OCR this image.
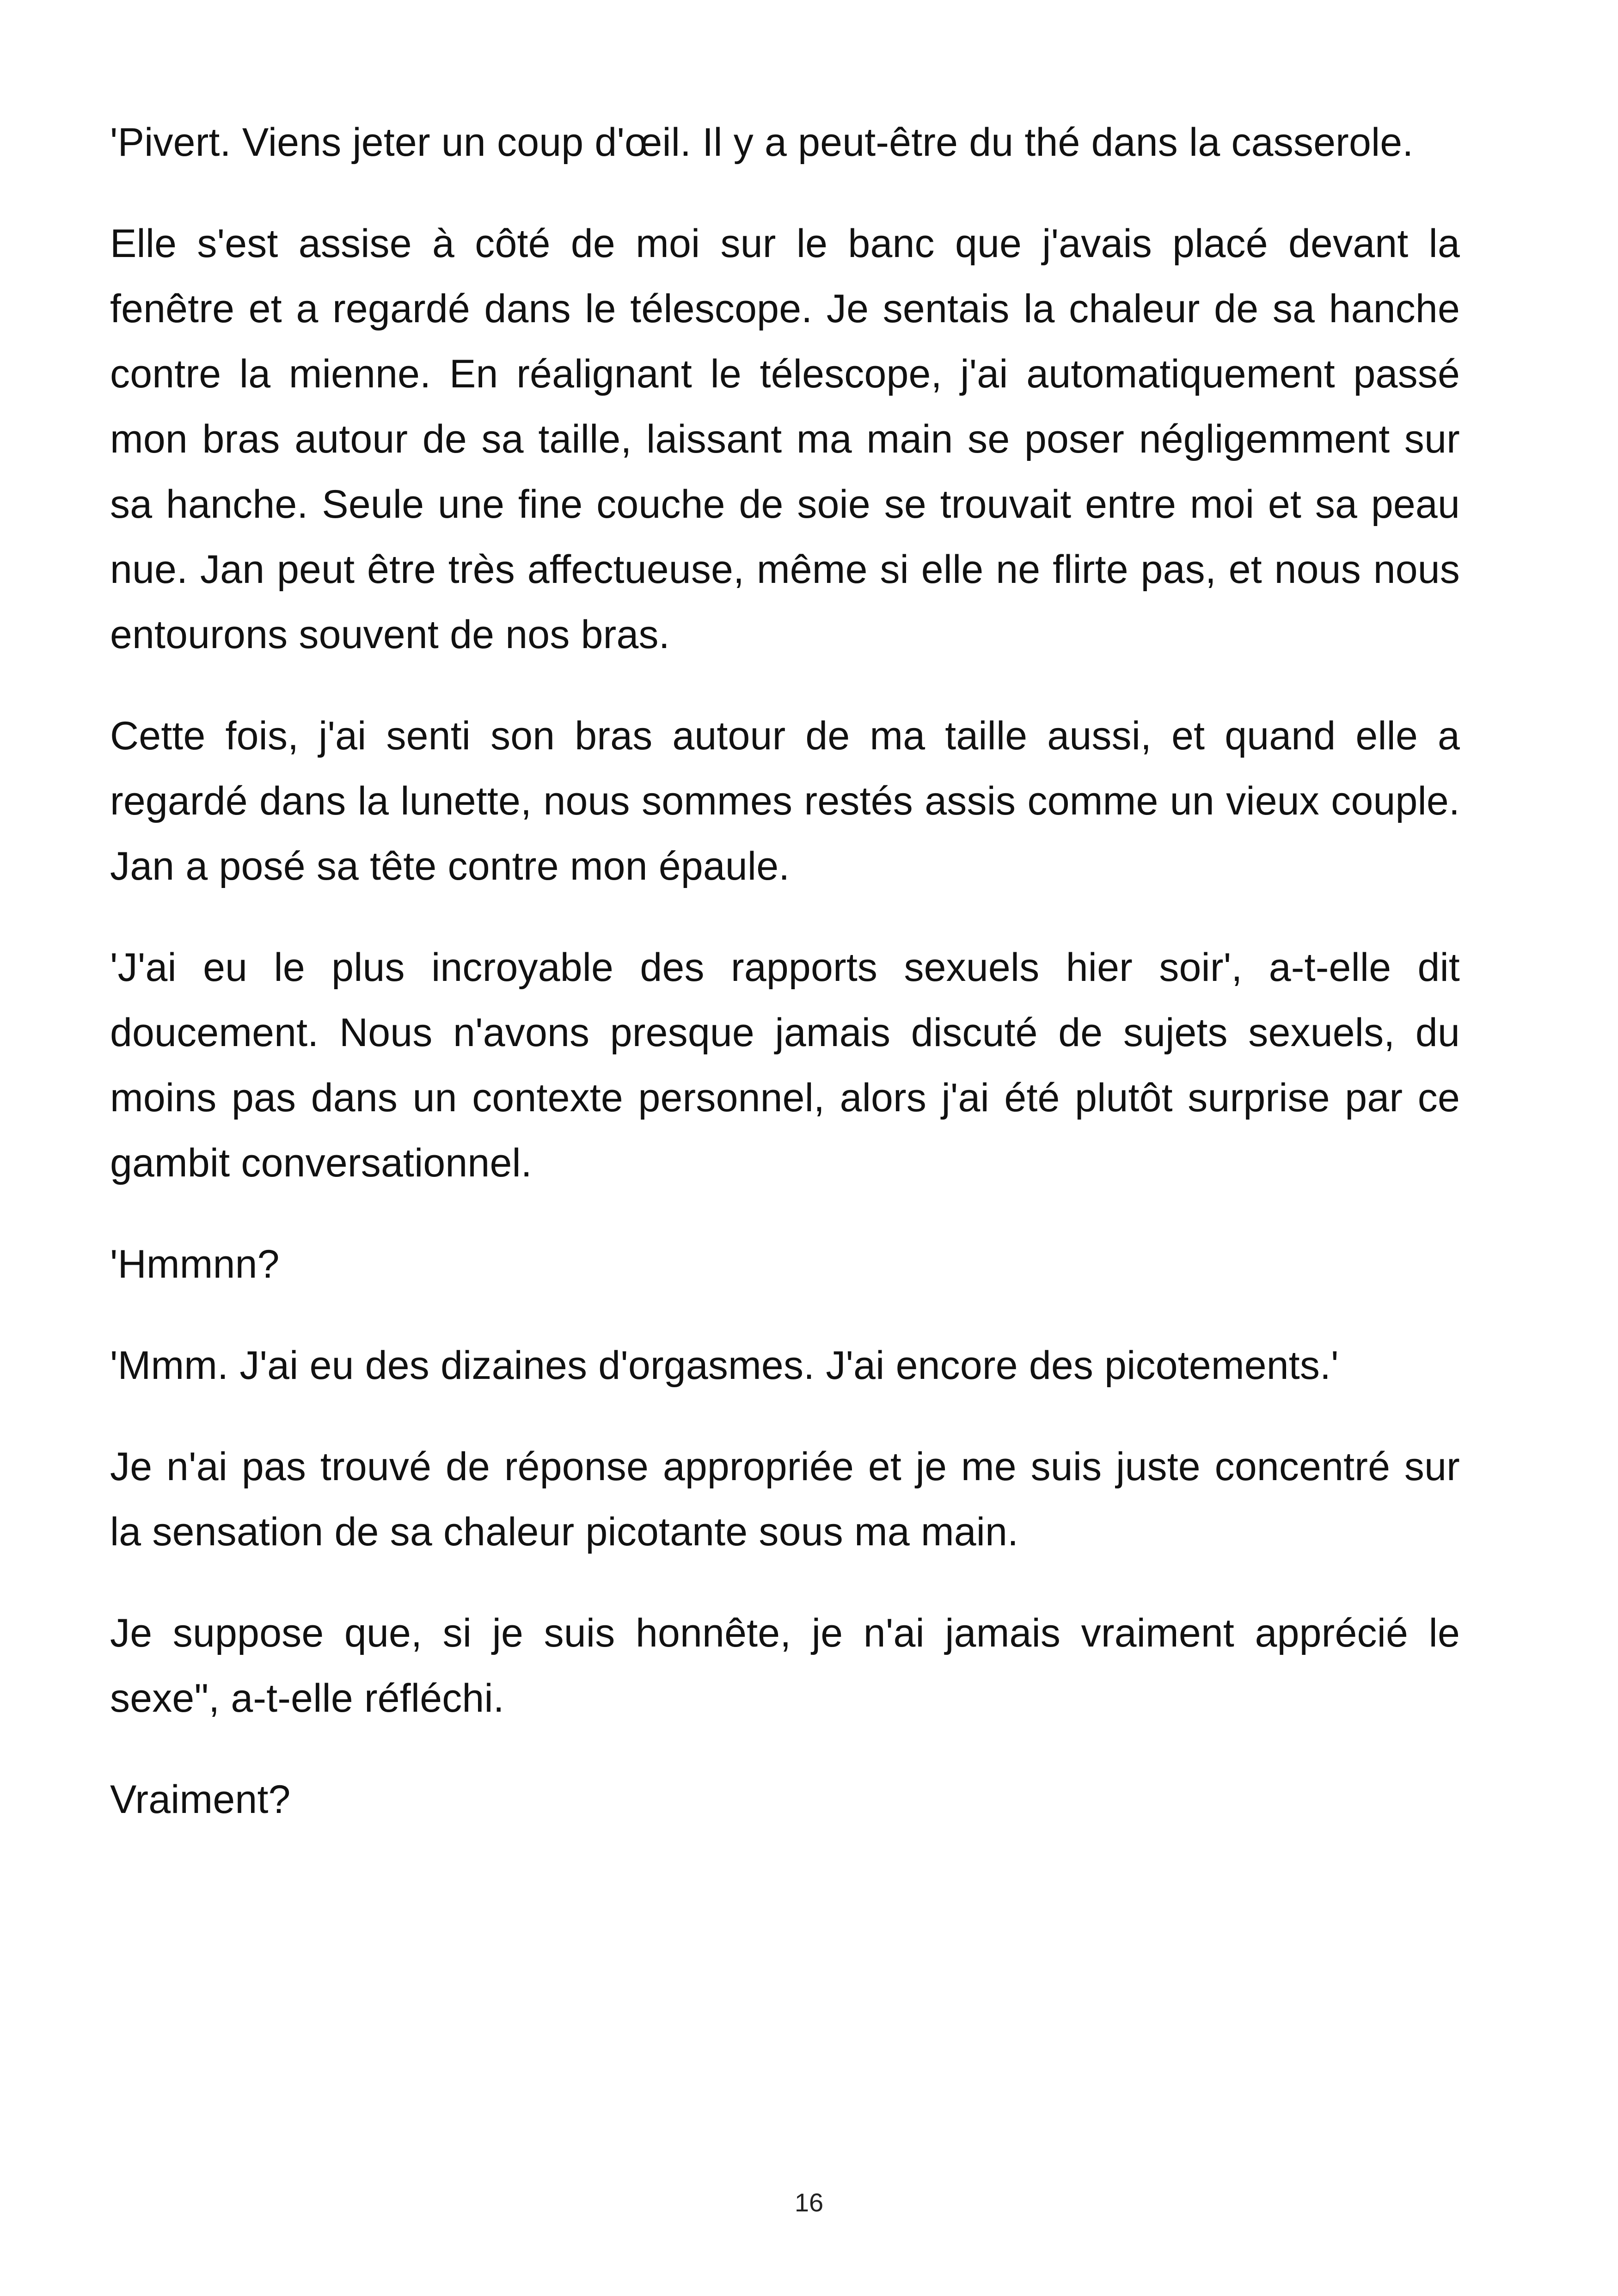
'Pivert. Viens jeter un coup d'œil. Il y a peut-être du thé dans la casserole.

Elle s'est assise à côté de moi sur le banc que j'avais placé devant la fenêtre et a regardé dans le télescope. Je sentais la chaleur de sa hanche contre la mienne. En réalignant le télescope, j'ai automatiquement passé mon bras autour de sa taille, laissant ma main se poser négligemment sur sa hanche. Seule une fine couche de soie se trouvait entre moi et sa peau nue. Jan peut être très affectueuse, même si elle ne flirte pas, et nous nous entourons souvent de nos bras.

Cette fois, j'ai senti son bras autour de ma taille aussi, et quand elle a regardé dans la lunette, nous sommes restés assis comme un vieux couple. Jan a posé sa tête contre mon épaule.

'J'ai eu le plus incroyable des rapports sexuels hier soir', a-t-elle dit doucement. Nous n'avons presque jamais discuté de sujets sexuels, du moins pas dans un contexte personnel, alors j'ai été plutôt surprise par ce gambit conversationnel.

'Hmmnn?

'Mmm. J'ai eu des dizaines d'orgasmes. J'ai encore des picotements.'

Je n'ai pas trouvé de réponse appropriée et je me suis juste concentré sur la sensation de sa chaleur picotante sous ma main.

Je suppose que, si je suis honnête, je n'ai jamais vraiment apprécié le sexe", a-t-elle réfléchi.

Vraiment?

16
